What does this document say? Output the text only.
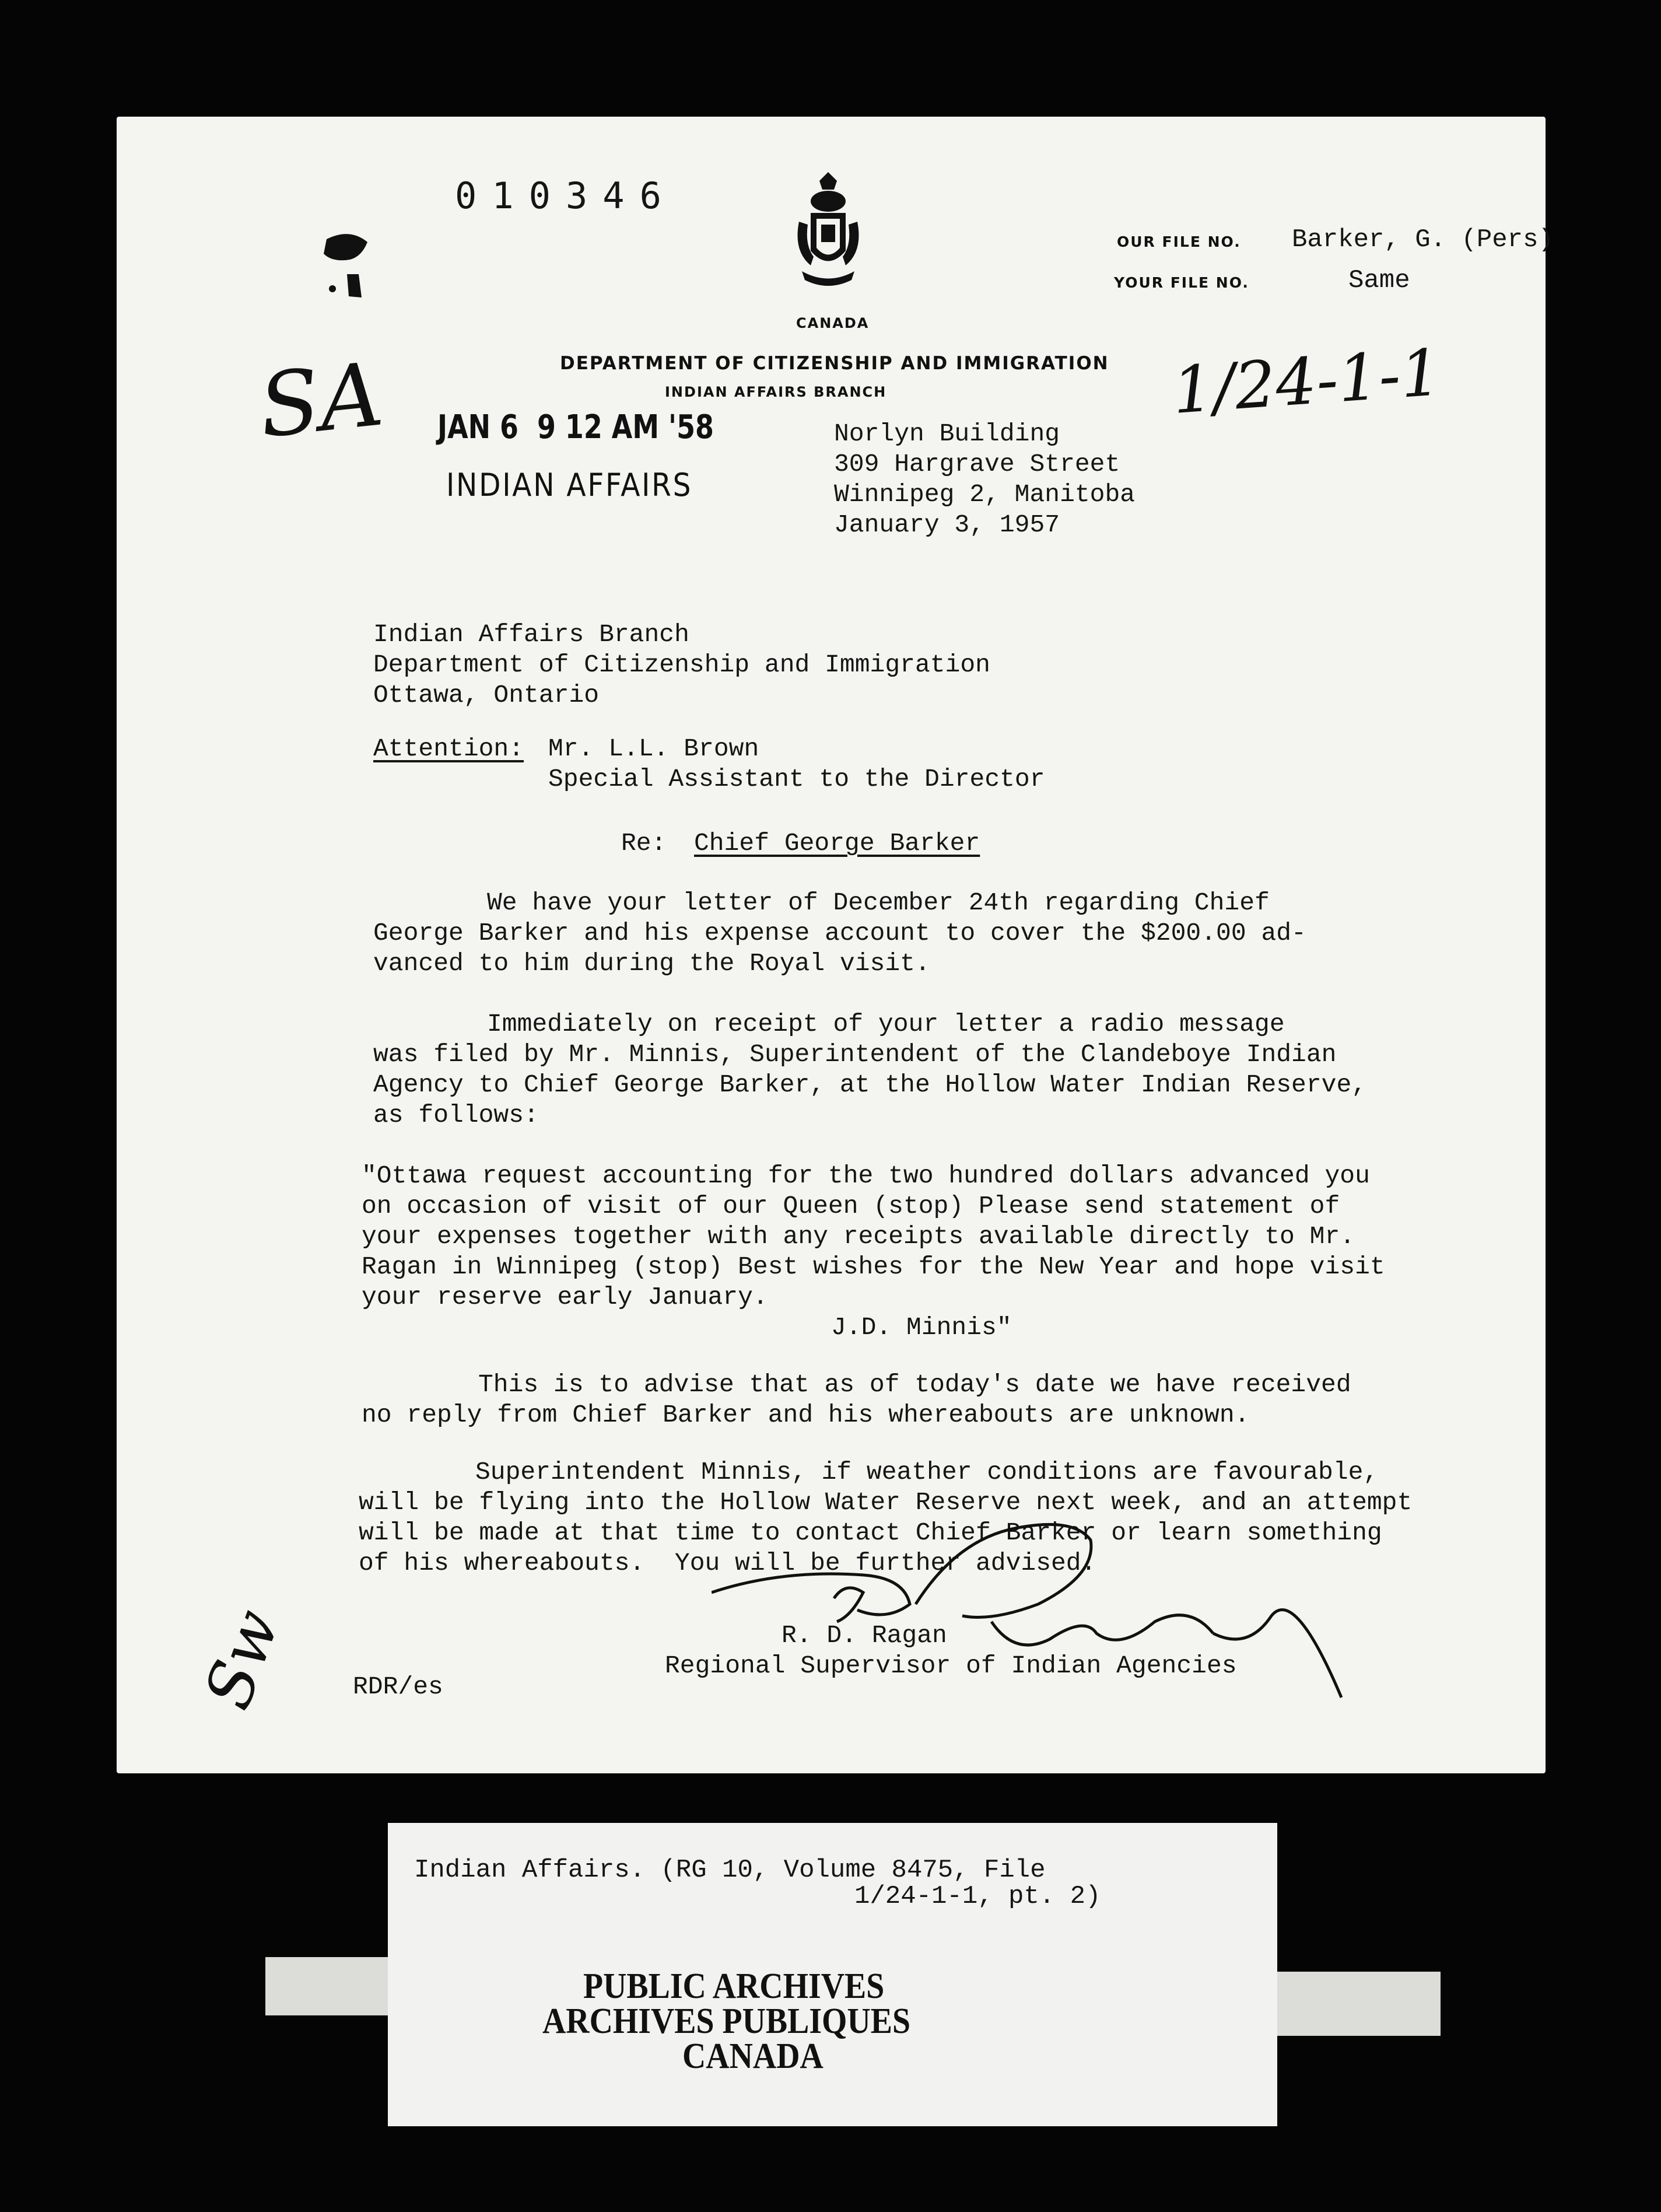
010346
CANADA
DEPARTMENT OF CITIZENSHIP AND IMMIGRATION
INDIAN AFFAIRS BRANCH
OUR FILE NO. Barker, G. (Pers)
YOUR FILE NO.	Same
1/24-1-1
SA JAN 6  9 12 AM '58
INDIAN AFFAIRS
Norlyn Building
309 Hargrave Street
Winnipeg 2, Manitoba
January 3, 1957
Indian Affairs Branch
Department of Citizenship and Immigration
Ottawa, Ontario
Attention: Mr. L.L. Brown
Special Assistant to the Director
Re: Chief George Barker
We have your letter of December 24th regarding Chief
George Barker and his expense account to cover the $200.00 ad-
vanced to him during the Royal visit.
Immediately on receipt of your letter a radio message
was filed by Mr. Minnis, Superintendent of the Clandeboye Indian
Agency to Chief George Barker, at the Hollow Water Indian Reserve,
as follows:
"Ottawa request accounting for the two hundred dollars advanced you
on occasion of visit of our Queen (stop) Please send statement of
your expenses together with any receipts available directly to Mr.
Ragan in Winnipeg (stop) Best wishes for the New Year and hope visit
your reserve early January.
J.D. Minnis"
This is to advise that as of today's date we have received
no reply from Chief Barker and his whereabouts are unknown.
Superintendent Minnis, if weather conditions are favourable,
will be flying into the Hollow Water Reserve next week, and an attempt
will be made at that time to contact Chief Barker or learn something
of his whereabouts.  You will be further advised.
R. D. Ragan
Regional Supervisor of Indian Agencies
RDR/es
Sw
Indian Affairs. (RG 10, Volume 8475, File
1/24-1-1, pt. 2)
PUBLIC ARCHIVES
ARCHIVES PUBLIQUES
CANADA
